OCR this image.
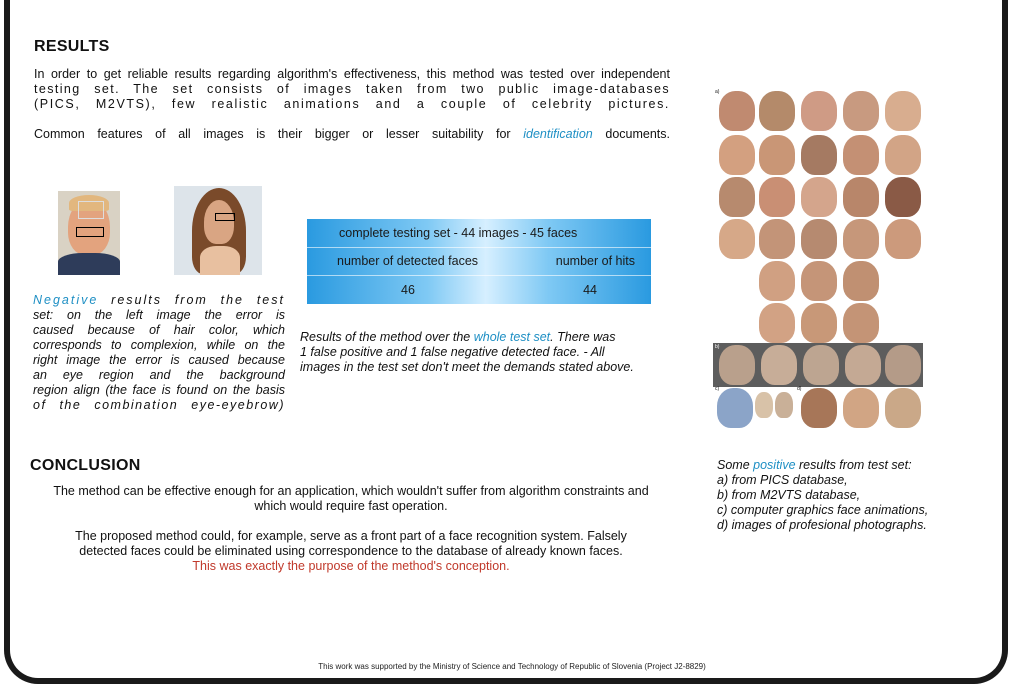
RESULTS

In order to get reliable results regarding algorithm's effectiveness, this method was tested over independent

testing set. The set consists of images taken from two public image-databases

(PICS, M2VTS), few realistic animations and a couple of celebrity pictures.

Common features of all images is their bigger or lesser suitability for identification documents.

Negative results from the test

set: on the left image the error is

caused because of hair color, which

corresponds to complexion, while on the

right image the error is caused because

an eye region and the background

region align (the face is found on the basis

of the combination eye-eyebrow)

complete testing set - 44 images - 45 faces	
number of detected faces	number of hits
46	44

Results of the method over the whole test set. There was

1 false positive and 1 false negative detected face. - All

images in the test set don't meet the demands stated above.

a)
b)
c)	d)

Some positive results from test set:

a) from PICS database,

b) from M2VTS database,

c) computer graphics face animations,

d) images of profesional photographs.

CONCLUSION
The method can be effective enough for an application, which wouldn't suffer from algorithm constraints and
which would require fast operation.
The proposed method could, for example, serve as a front part of a face recognition system. Falsely
detected faces could be eliminated using correspondence to the database of already known faces.
This was exactly the purpose of the method's conception.
This work was supported by the Ministry of Science and Technology of Republic of Slovenia (Project J2-8829)
